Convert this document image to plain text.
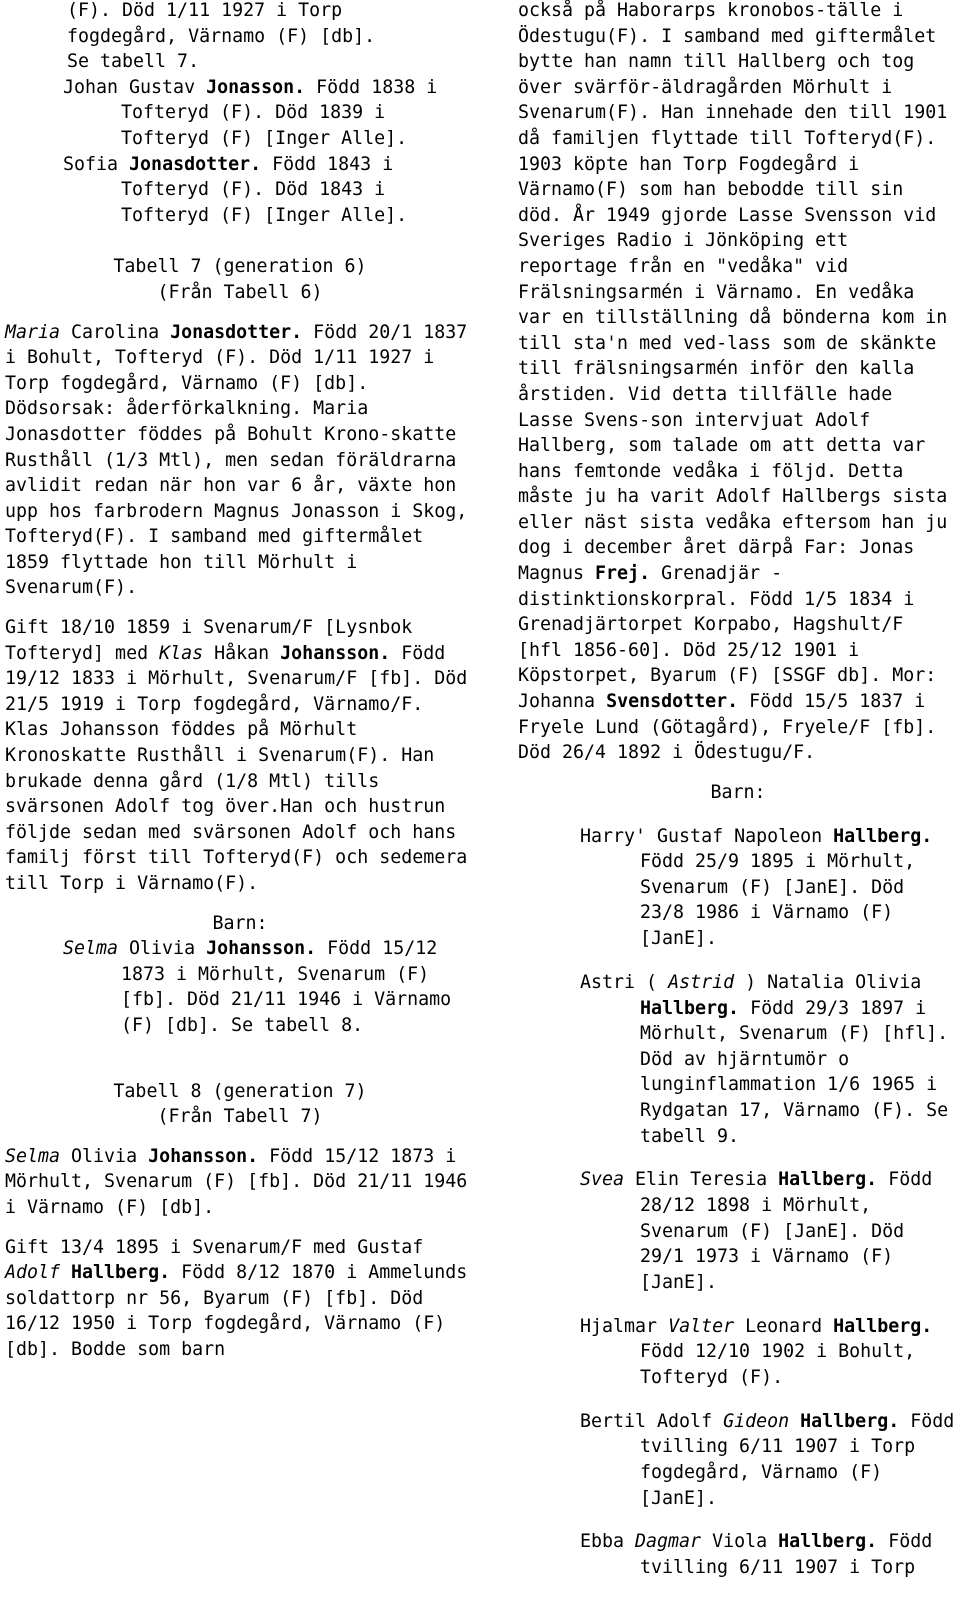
(F). Död 1/11 1927 i Torp

fogdegård, Värnamo (F) [db].

Se tabell 7.

Johan Gustav Jonasson. Född 1838 i Tofteryd (F). Död 1839 i Tofteryd (F) [Inger Alle].

Sofia Jonasdotter. Född 1843 i Tofteryd (F). Död 1843 i Tofteryd (F) [Inger Alle].

Tabell 7 (generation 6)

(Från Tabell 6)

Maria Carolina Jonasdotter. Född 20/1 1837 i Bohult, Tofteryd (F). Död 1/11 1927 i Torp fogdegård, Värnamo (F) [db]. Dödsorsak: åderförkalkning. Maria Jonasdotter föddes på Bohult Krono-skatte Rusthåll (1/3 Mtl), men sedan föräldrarna avlidit redan när hon var 6 år, växte hon upp hos farbrodern Magnus Jonasson i Skog, Tofteryd(F). I samband med giftermålet 1859 flyttade hon till Mörhult i Svenarum(F).

Gift 18/10 1859 i Svenarum/F [Lysnbok Tofteryd] med Klas Håkan Johansson. Född 19/12 1833 i Mörhult, Svenarum/F [fb]. Död 21/5 1919 i Torp fogdegård, Värnamo/F. Klas Johansson föddes på Mörhult Kronoskatte Rusthåll i Svenarum(F). Han brukade denna gård (1/8 Mtl) tills svärsonen Adolf tog över.Han och hustrun följde sedan med svärsonen Adolf och hans familj först till Tofteryd(F) och sedemera till Torp i Värnamo(F).

Barn:

Selma Olivia Johansson. Född 15/12 1873 i Mörhult, Svenarum (F) [fb]. Död 21/11 1946 i Värnamo (F) [db]. Se tabell 8.

Tabell 8 (generation 7)

(Från Tabell 7)

Selma Olivia Johansson. Född 15/12 1873 i Mörhult, Svenarum (F) [fb]. Död 21/11 1946 i Värnamo (F) [db].

Gift 13/4 1895 i Svenarum/F med Gustaf Adolf Hallberg. Född 8/12 1870 i Ammelunds soldattorp nr 56, Byarum (F) [fb]. Död 16/12 1950 i Torp fogdegård, Värnamo (F) [db]. Bodde som barn

också på Haborarps kronobos-tälle i Ödestugu(F). I samband med giftermålet bytte han namn till Hallberg och tog över svärför-äldragården Mörhult i Svenarum(F). Han innehade den till 1901 då familjen flyttade till Tofteryd(F). 1903 köpte han Torp Fogdegård i Värnamo(F) som han bebodde till sin död. År 1949 gjorde Lasse Svensson vid Sveriges Radio i Jönköping ett reportage från en "vedåka" vid Frälsningsarmén i Värnamo. En vedåka var en tillställning då bönderna kom in till sta'n med ved-lass som de skänkte till frälsningsarmén inför den kalla årstiden. Vid detta tillfälle hade Lasse Svens-son intervjuat Adolf Hallberg, som talade om att detta var hans femtonde vedåka i följd. Detta måste ju ha varit Adolf Hallbergs sista eller näst sista vedåka eftersom han ju dog i december året därpå Far: Jonas Magnus Frej. Grenadjär - distinktionskorpral. Född 1/5 1834 i Grenadjärtorpet Korpabo, Hagshult/F [hfl 1856-60]. Död 25/12 1901 i Köpstorpet, Byarum (F) [SSGF db]. Mor: Johanna Svensdotter. Född 15/5 1837 i Fryele Lund (Götagård), Fryele/F [fb]. Död 26/4 1892 i Ödestugu/F.

Barn:

Harry' Gustaf Napoleon Hallberg. Född 25/9 1895 i Mörhult, Svenarum (F) [JanE]. Död 23/8 1986 i Värnamo (F) [JanE].

Astri ( Astrid ) Natalia Olivia Hallberg. Född 29/3 1897 i Mörhult, Svenarum (F) [hfl]. Död av hjärntumör o lunginflammation 1/6 1965 i Rydgatan 17, Värnamo (F). Se tabell 9.

Svea Elin Teresia Hallberg. Född 28/12 1898 i Mörhult, Svenarum (F) [JanE]. Död 29/1 1973 i Värnamo (F) [JanE].

Hjalmar Valter Leonard Hallberg. Född 12/10 1902 i Bohult, Tofteryd (F).

Bertil Adolf Gideon Hallberg. Född tvilling 6/11 1907 i Torp fogdegård, Värnamo (F) [JanE].

Ebba Dagmar Viola Hallberg. Född tvilling 6/11 1907 i Torp
